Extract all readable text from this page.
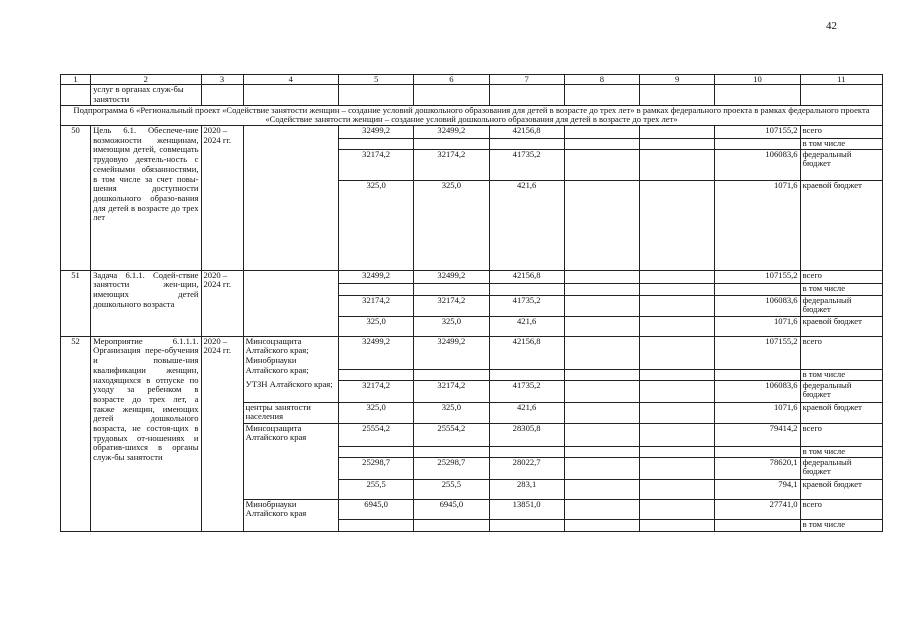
42
1	2	3	4	5	6	7	8	9	10	11
	услуг в органах служ-бы занятости									
Подпрограмма 6 «Региональный проект «Содействие занятости женщин – создание условий дошкольного образования для детей в возрасте до трех лет» в рамках федерального проекта в рамках федерального проекта «Содействие занятости женщин – создание условий дошкольного образования для детей в возрасте до трех лет»										
50	Цель 6.1. Обеспече-ние возможности женщинам, имеющим детей, совмещать трудовую деятель-ность с семейными обязанностями, в том числе за счет повы-шения доступности дошкольного образо-вания для детей в возрасте до трех лет	2020 – 2024 гг.		32499,2	32499,2	42156,8			107155,2	всего
										в том числе
				32174,2	32174,2	41735,2			106083,6	федеральный бюджет
				325,0	325,0	421,6			1071,6	краевой бюджет
51	Задача 6.1.1. Содей-ствие занятости жен-щин, имеющих детей дошкольного возраста	2020 – 2024 гг.		32499,2	32499,2	42156,8			107155,2	всего
										в том числе
				32174,2	32174,2	41735,2			106083,6	федеральный бюджет
				325,0	325,0	421,6			1071,6	краевой бюджет
52	Мероприятие 6.1.1.1. Организация пере-обучения и повыше-ния квалификации женщин, находящихся в отпуске по уходу за ребенком в возрасте до трех лет, а также женщин, имеющих детей дошкольного возраста, не состоя-щих в трудовых от-ношениях и обратив-шихся в органы служ-бы занятости	2020 – 2024 гг.	Минсоцзащита Алтайского края; Минобрнауки Алтайского края;	32499,2	32499,2	42156,8			107155,2	всего
										в том числе
			УТЗН Алтайского края;	32174,2	32174,2	41735,2			106083,6	федеральный бюджет
			центры занятости населения	325,0	325,0	421,6			1071,6	краевой бюджет
			Минсоцзащита Алтайского края	25554,2	25554,2	28305,8			79414,2	всего
										в том числе
				25298,7	25298,7	28022,7			78620,1	федеральный бюджет
				255,5	255,5	283,1			794,1	краевой бюджет
			Минобрнауки Алтайского края	6945,0	6945,0	13851,0			27741,0	всего
										в том числе
